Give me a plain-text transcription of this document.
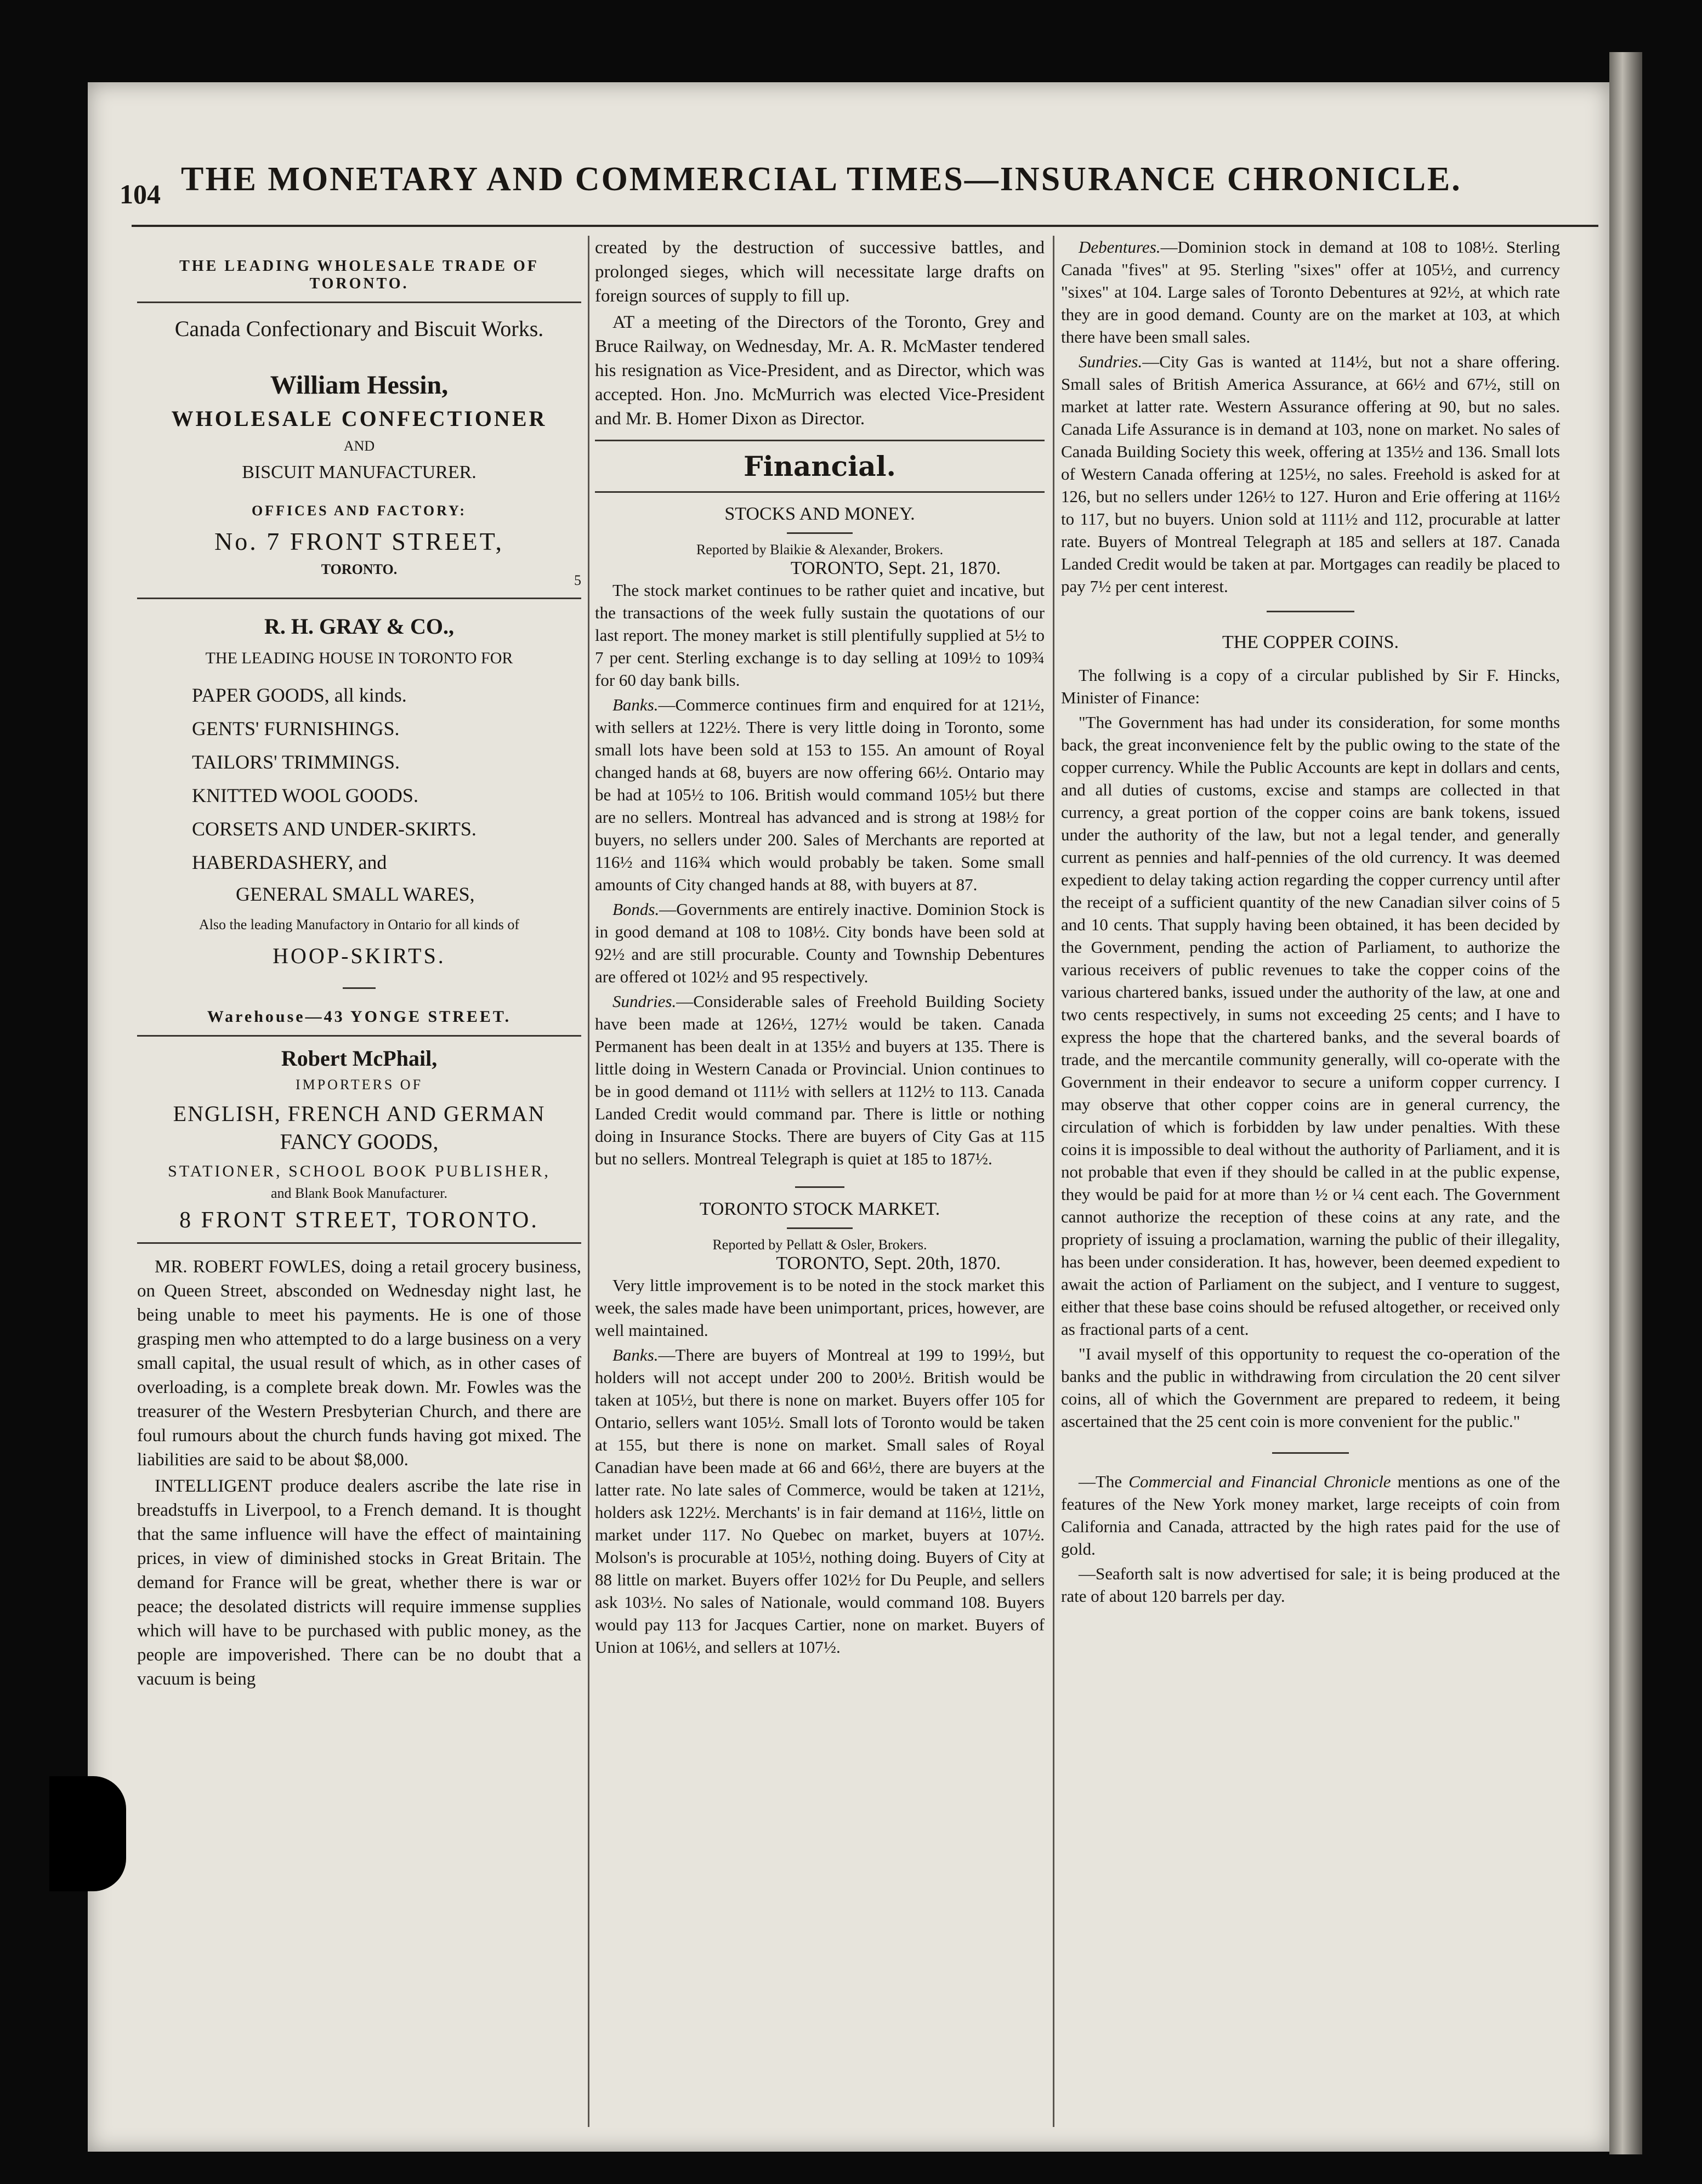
104 THE MONETARY AND COMMERCIAL TIMES—INSURANCE CHRONICLE.
THE LEADING WHOLESALE TRADE OF TORONTO.
Canada Confectionary and Biscuit Works.
William Hessin,
WHOLESALE CONFECTIONER
AND
BISCUIT MANUFACTURER.
OFFICES AND FACTORY:
No. 7 FRONT STREET,
TORONTO.
5
R. H. GRAY & CO.,
THE LEADING HOUSE IN TORONTO FOR
PAPER GOODS, all kinds.
GENTS' FURNISHINGS.
TAILORS' TRIMMINGS.
KNITTED WOOL GOODS.
CORSETS AND UNDER-SKIRTS.
HABERDASHERY, and
GENERAL SMALL WARES,
Also the leading Manufactory in Ontario for all kinds of
HOOP-SKIRTS.
Warehouse—43 YONGE STREET.
Robert McPhail,
IMPORTERS OF
ENGLISH, FRENCH AND GERMAN
FANCY GOODS,
STATIONER, SCHOOL BOOK PUBLISHER,
and Blank Book Manufacturer.
8 FRONT STREET, TORONTO.

MR. ROBERT FOWLES, doing a retail grocery business, on Queen Street, absconded on Wednesday night last, he being unable to meet his payments. He is one of those grasping men who attempted to do a large business on a very small capital, the usual result of which, as in other cases of overloading, is a complete break down. Mr. Fowles was the treasurer of the Western Presbyterian Church, and there are foul rumours about the church funds having got mixed. The liabilities are said to be about $8,000.

INTELLIGENT produce dealers ascribe the late rise in breadstuffs in Liverpool, to a French demand. It is thought that the same influence will have the effect of maintaining prices, in view of diminished stocks in Great Britain. The demand for France will be great, whether there is war or peace; the desolated districts will require immense supplies which will have to be purchased with public money, as the people are impoverished. There can be no doubt that a vacuum is being

created by the destruction of successive battles, and prolonged sieges, which will necessitate large drafts on foreign sources of supply to fill up.

AT a meeting of the Directors of the Toronto, Grey and Bruce Railway, on Wednesday, Mr. A. R. McMaster tendered his resignation as Vice-President, and as Director, which was accepted. Hon. Jno. McMurrich was elected Vice-President and Mr. B. Homer Dixon as Director.

Financial.
STOCKS AND MONEY.
Reported by Blaikie & Alexander, Brokers.
TORONTO, Sept. 21, 1870.

The stock market continues to be rather quiet and incative, but the transactions of the week fully sustain the quotations of our last report. The money market is still plentifully supplied at 5½ to 7 per cent. Sterling exchange is to day selling at 109½ to 109¾ for 60 day bank bills.

Banks.—Commerce continues firm and enquired for at 121½, with sellers at 122½. There is very little doing in Toronto, some small lots have been sold at 153 to 155. An amount of Royal changed hands at 68, buyers are now offering 66½. Ontario may be had at 105½ to 106. British would command 105½ but there are no sellers. Montreal has advanced and is strong at 198½ for buyers, no sellers under 200. Sales of Merchants are reported at 116½ and 116¾ which would probably be taken. Some small amounts of City changed hands at 88, with buyers at 87.

Bonds.—Governments are entirely inactive. Dominion Stock is in good demand at 108 to 108½. City bonds have been sold at 92½ and are still procurable. County and Township Debentures are offered ot 102½ and 95 respectively.

Sundries.—Considerable sales of Freehold Building Society have been made at 126½, 127½ would be taken. Canada Permanent has been dealt in at 135½ and buyers at 135. There is little doing in Western Canada or Provincial. Union continues to be in good demand ot 111½ with sellers at 112½ to 113. Canada Landed Credit would command par. There is little or nothing doing in Insurance Stocks. There are buyers of City Gas at 115 but no sellers. Montreal Telegraph is quiet at 185 to 187½.

TORONTO STOCK MARKET.
Reported by Pellatt & Osler, Brokers.
TORONTO, Sept. 20th, 1870.

Very little improvement is to be noted in the stock market this week, the sales made have been unimportant, prices, however, are well maintained.

Banks.—There are buyers of Montreal at 199 to 199½, but holders will not accept under 200 to 200½. British would be taken at 105½, but there is none on market. Buyers offer 105 for Ontario, sellers want 105½. Small lots of Toronto would be taken at 155, but there is none on market. Small sales of Royal Canadian have been made at 66 and 66½, there are buyers at the latter rate. No late sales of Commerce, would be taken at 121½, holders ask 122½. Merchants' is in fair demand at 116½, little on market under 117. No Quebec on market, buyers at 107½. Molson's is procurable at 105½, nothing doing. Buyers of City at 88 little on market. Buyers offer 102½ for Du Peuple, and sellers ask 103½. No sales of Nationale, would command 108. Buyers would pay 113 for Jacques Cartier, none on market. Buyers of Union at 106½, and sellers at 107½.

Debentures.—Dominion stock in demand at 108 to 108½. Sterling Canada "fives" at 95. Sterling "sixes" offer at 105½, and currency "sixes" at 104. Large sales of Toronto Debentures at 92½, at which rate they are in good demand. County are on the market at 103, at which there have been small sales.

Sundries.—City Gas is wanted at 114½, but not a share offering. Small sales of British America Assurance, at 66½ and 67½, still on market at latter rate. Western Assurance offering at 90, but no sales. Canada Life Assurance is in demand at 103, none on market. No sales of Canada Building Society this week, offering at 135½ and 136. Small lots of Western Canada offering at 125½, no sales. Freehold is asked for at 126, but no sellers under 126½ to 127. Huron and Erie offering at 116½ to 117, but no buyers. Union sold at 111½ and 112, procurable at latter rate. Buyers of Montreal Telegraph at 185 and sellers at 187. Canada Landed Credit would be taken at par. Mortgages can readily be placed to pay 7½ per cent interest.

THE COPPER COINS.

The follwing is a copy of a circular published by Sir F. Hincks, Minister of Finance:

"The Government has had under its consideration, for some months back, the great inconvenience felt by the public owing to the state of the copper currency. While the Public Accounts are kept in dollars and cents, and all duties of customs, excise and stamps are collected in that currency, a great portion of the copper coins are bank tokens, issued under the authority of the law, but not a legal tender, and generally current as pennies and half-pennies of the old currency. It was deemed expedient to delay taking action regarding the copper currency until after the receipt of a sufficient quantity of the new Canadian silver coins of 5 and 10 cents. That supply having been obtained, it has been decided by the Government, pending the action of Parliament, to authorize the various receivers of public revenues to take the copper coins of the various chartered banks, issued under the authority of the law, at one and two cents respectively, in sums not exceeding 25 cents; and I have to express the hope that the chartered banks, and the several boards of trade, and the mercantile community generally, will co-operate with the Government in their endeavor to secure a uniform copper currency. I may observe that other copper coins are in general currency, the circulation of which is forbidden by law under penalties. With these coins it is impossible to deal without the authority of Parliament, and it is not probable that even if they should be called in at the public expense, they would be paid for at more than ½ or ¼ cent each. The Government cannot authorize the reception of these coins at any rate, and the propriety of issuing a proclamation, warning the public of their illegality, has been under consideration. It has, however, been deemed expedient to await the action of Parliament on the subject, and I venture to suggest, either that these base coins should be refused altogether, or received only as fractional parts of a cent.

"I avail myself of this opportunity to request the co-operation of the banks and the public in withdrawing from circulation the 20 cent silver coins, all of which the Government are prepared to redeem, it being ascertained that the 25 cent coin is more convenient for the public."

—The Commercial and Financial Chronicle mentions as one of the features of the New York money market, large receipts of coin from California and Canada, attracted by the high rates paid for the use of gold.

—Seaforth salt is now advertised for sale; it is being produced at the rate of about 120 barrels per day.
